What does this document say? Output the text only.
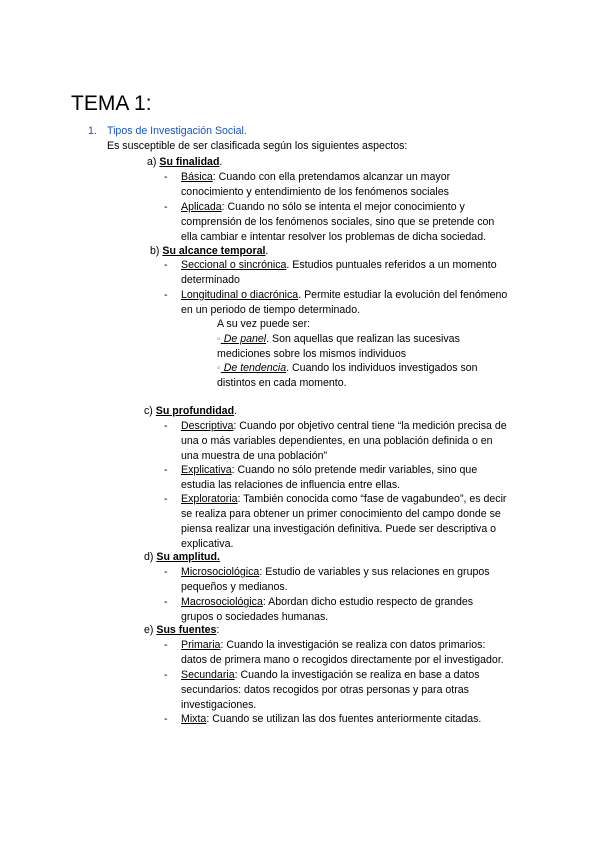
TEMA 1:
1. Tipos de Investigación Social.
Es susceptible de ser clasificada según los siguientes aspectos:
a) Su finalidad.
- Básica: Cuando con ella pretendamos alcanzar un mayor
conocimiento y entendimiento de los fenómenos sociales
- Aplicada: Cuando no sólo se intenta el mejor conocimiento y
comprensión de los fenómenos sociales, sino que se pretende con
ella cambiar e intentar resolver los problemas de dicha sociedad.
b) Su alcance temporal.
- Seccional o sincrónica. Estudios puntuales referidos a un momento
determinado
- Longitudinal o diacrónica. Permite estudiar la evolución del fenómeno
en un periodo de tiempo determinado.
A su vez puede ser:
◦ De panel. Son aquellas que realizan las sucesivas
mediciones sobre los mismos individuos
◦ De tendencia. Cuando los individuos investigados son
distintos en cada momento.
c) Su profundidad.
- Descriptiva: Cuando por objetivo central tiene “la medición precisa de
una o más variables dependientes, en una población definida o en
una muestra de una población”
- Explicativa: Cuando no sólo pretende medir variables, sino que
estudia las relaciones de influencia entre ellas.
- Exploratoria: También conocida como “fase de vagabundeo”, es decir
se realiza para obtener un primer conocimiento del campo donde se
piensa realizar una investigación definitiva. Puede ser descriptiva o
explicativa.
d) Su amplitud.
- Microsociológica: Estudio de variables y sus relaciones en grupos
pequeños y medianos.
- Macrosociológica: Abordan dicho estudio respecto de grandes
grupos o sociedades humanas.
e) Sus fuentes:
- Primaria: Cuando la investigación se realiza con datos primarios:
datos de primera mano o recogidos directamente por el investigador.
- Secundaria: Cuando la investigación se realiza en base a datos
secundarios: datos recogidos por otras personas y para otras
investigaciones.
- Mixta: Cuando se utilizan las dos fuentes anteriormente citadas.
